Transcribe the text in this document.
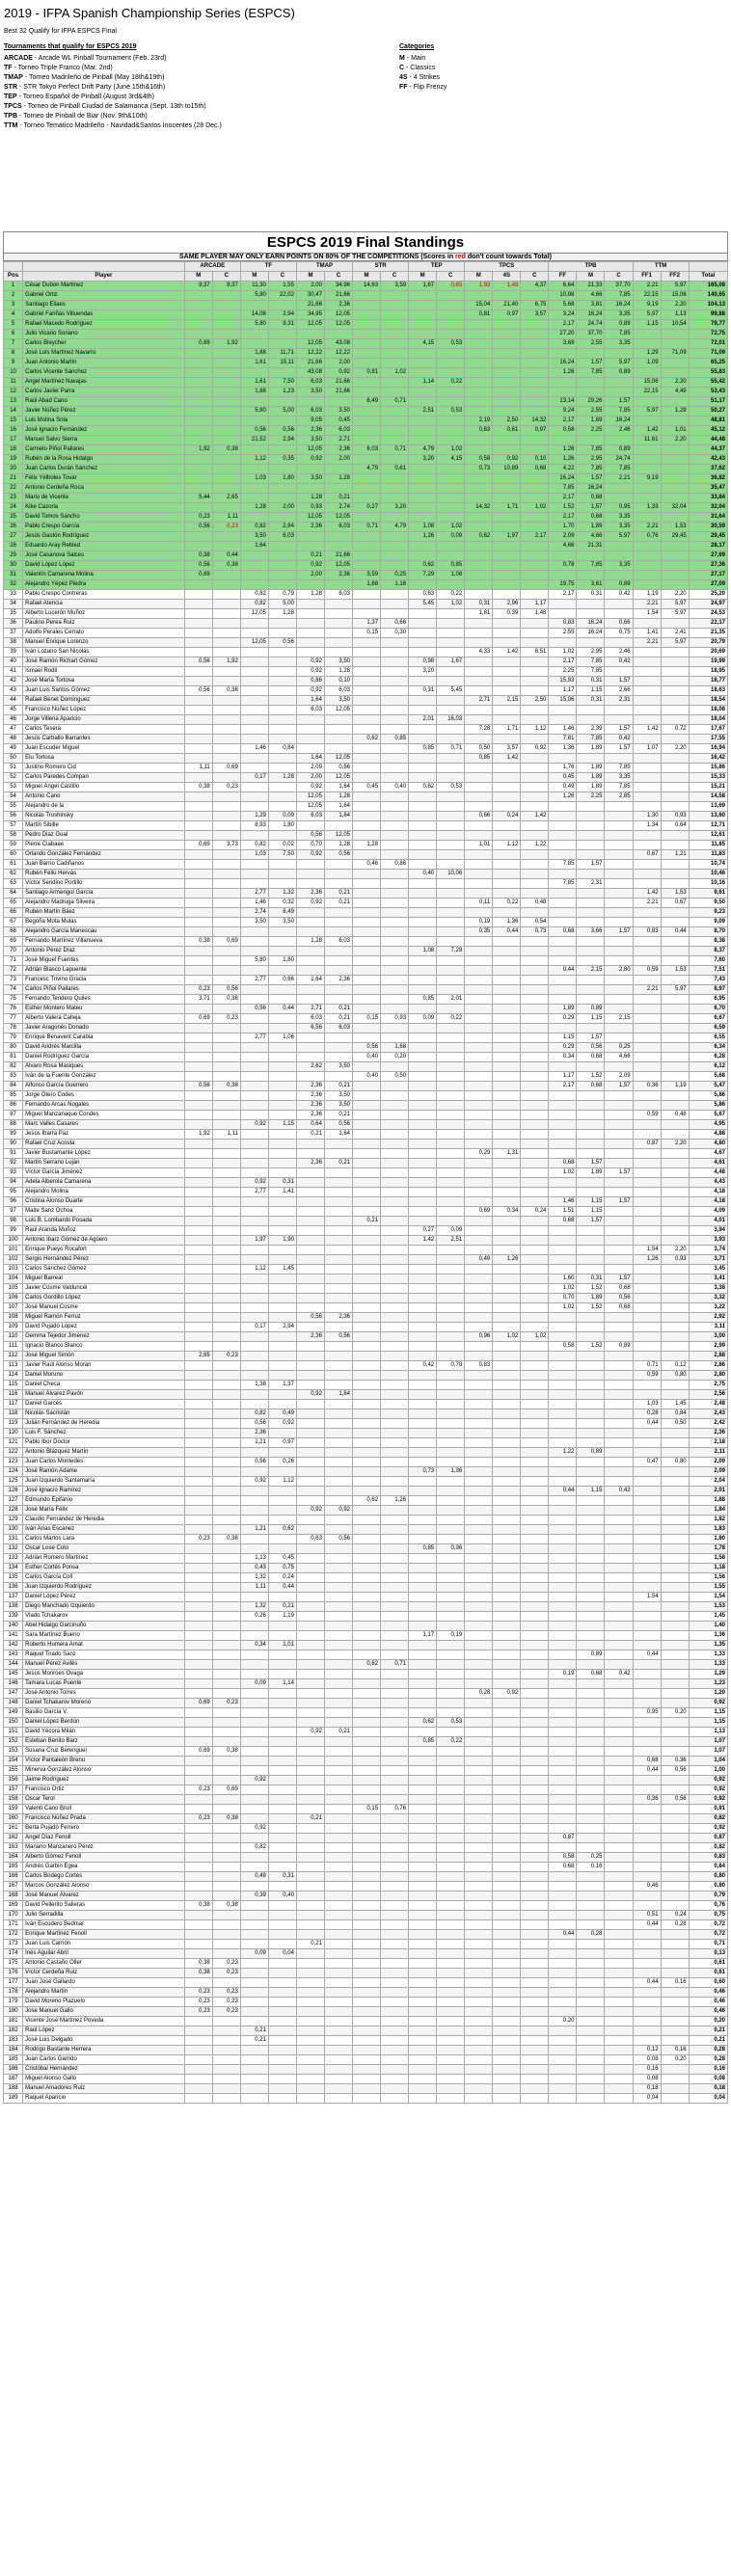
2019 - IFPA Spanish Championship Series (ESPCS)
Best 32 Qualify for IFPA ESPCS Final
Tournaments that qualify for ESPCS 2019
ARCADE - Arcade WL Pinball Tournament (Feb. 23rd)
TF - Torneo Triple Franco (Mar. 2nd)
TMAP - Torneo Madrileño de Pinball (May 18th&19th)
STR - STR Tokyo Perfect Drift Party (June 15th&16th)
TEP - Torneo Español de Pinball (August 3rd&4th)
TPCS - Torneo de Pinball Ciudad de Salamanca (Sept. 13th to15th)
TPB - Torneo de Pinball de Biar (Nov. 9th&10th)
TTM - Torneo Temático Madrileño - Navidad&Santos Inocentes (28 Dec.)
Categories
M - Main
C - Classics
4S - 4 Strikes
FF - Flip Frenzy
ESPCS 2019 Final Standings
SAME PLAYER MAY ONLY EARN POINTS ON 80% OF THE COMPETITIONS (Scores in red don't count towards Total)
		ARCADE		TF		TMAP		STR		TEP		TPCS			TPB			TTM		
Pos	Player	M	C	M	C	M	C	M	C	M	C	M	4S	C	FF	M	C	FF1	FF2	Total
1	César Dubon Martínez	9,37	9,37	11,30	1,55	2,00	34,96	14,63	3,59	1,67	0,85	1,93	1,48	4,37	6,64	21,33	37,70	2,21	5,97	165,08
2	Gabriel Ortiz			5,80	22,02	30,47	21,66								10,98	4,66	7,85	22,15	15,06	140,65
3	Santiago Eliaes					21,66	2,36					15,04	21,40	6,75	5,68	3,81	16,24	9,19	2,20	104,13
4	Gabriel Fariñas Villuendas			14,08	2,94	34,95	12,05					0,81	0,97	3,57	3,24	16,24	3,35	5,97	1,13	99,88
5	Rafael Macedo Rodríguez			5,80	9,31	12,05	12,05								2,17	24,74	0,89	1,15	10,54	79,77
6	Julio Vicario Soriano														27,20	37,70	7,85			72,75
7	Carlos Bleycher	0,69	1,92			12,05	43,08			4,15	0,53				3,69	2,55	3,35			72,01
8	José Luis Martínez Navarro			1,88	11,71	12,22	12,22											1,29	71,09	71,09
9	Juan Antonio Martín			1,61	15,11	21,66	2,00								16,24	1,57	5,97	1,09		65,25
10	Carlos Vicente Sánchez					43,08	0,92	0,81	1,02						1,26	7,85	0,89			55,83
11	Ángel Martínez Navajas			1,61	7,50	6,03	21,66			1,14	0,22							15,06	2,20	55,42
12	Carlos Javier Parra			1,88	1,23	3,50	21,66											22,15	4,49	53,43
13	Raúl Abad Cano							6,49	0,71						13,14	29,26	1,57			51,17
14	Javier Núñez Pérez			5,80	5,00	6,03	3,50			2,51	0,53				9,24	2,55	7,85	5,97	1,29	50,27
15	Luis Molina Sola					9,05	0,45					2,19	2,50	14,32	2,17	1,89	16,24			48,81
16	José Ignacio Fernández			0,56	0,56	2,36	6,03					0,63	0,61	0,97	0,58	2,25	2,46	1,42	1,01	45,12
17	Manuel Salvo Sierra			21,52	2,94	3,50	2,71											11,61	2,20	44,48
18	Carmelo Piñol Pallares	1,92	0,38			12,05	2,36	6,03	0,71	4,79	1,02				1,26	7,85	0,89			44,37
19	Rubén de la Rosa Hidalgo			1,12	0,35	0,92	2,00			3,20	4,15	0,58	0,92	0,10	1,26	2,95	24,74			42,43
20	Juan Carlos Durán Sánchez							4,79	0,61			0,73	10,89	0,68	4,22	7,85	7,85			37,62
21	Félix Yélboles Tovar			1,03	1,80	3,50	1,28								16,24	1,57	2,21	9,19		36,82
22	Antonio Cerdeña Roca														7,85	16,24				35,47
23	Mario de Vicente	5,44	2,65			1,28	0,21								2,17	0,68				33,84
24	Kike Cazorla			1,28	2,00	0,93	2,74	0,27	3,20			14,32	1,71	1,02	1,52	1,57	0,95	1,33	32,04	32,04
25	David Tomos Sancho	0,23	1,11			12,05	12,05								2,17	0,68	3,35			31,64
26	Pablo Crespo García	0,56	0,23	0,82	2,94	2,36	6,03	0,71	4,79	1,08	1,02				1,70	1,89	3,35	2,21	1,53	30,59
27	Jesús Gastón Rodríguez			3,50	6,03					1,26	0,09	0,62	1,97	2,17	2,09	4,66	5,97	0,76	29,45	29,45
28	Eduardo Aray Rebled			1,64											4,66	21,31				28,17
29	José Casanova Salces	0,38	0,44			0,21	21,66													27,69
30	David López López	0,56	0,38			0,92	12,05			0,62	0,85				0,78	7,85	3,35			27,36
31	Valentín Camarena Molina	0,69				2,00	2,36	3,59	0,25	7,29	1,08									27,17
32	Alejandro Yépez Piedra							1,68	1,16						19,75	3,61	0,89			27,09
33	Pablo Crespo Contreras			0,82	0,79	1,28	6,03			0,63	0,22				2,17	0,31	0,42	1,19	2,20	25,20
34	Rafael Atencia			0,82	5,00					5,45	1,02	0,31	2,96	1,17				2,21	5,97	24,97
35	Alberto Lucerón Muñoz			12,05	1,28							1,81	0,39	1,48				1,54	5,97	24,53
36	Paulino Perea Ruiz							1,37	0,66						0,83	16,24	0,66			22,17
37	Adolfo Perales Cerrato							0,15	0,30						2,55	16,24	0,75	1,41	2,41	21,35
38	Manuel Enrique Lorenzo			12,05	0,56													2,21	5,97	20,79
39	Iván Lozano San Nicolás											4,33	1,42	8,51	1,02	2,95	2,46			20,69
40	José Ramón Richart Gómez	0,56	1,92			0,92	3,50			0,98	1,67				2,17	7,85	0,42			19,99
41	Ismael Rodil					0,92	1,28			3,20					2,25	7,85				18,95
42	José María Tortosa					0,86	0,10								15,93	0,31	1,57			18,77
43	Juan Luis Santos Gómez	0,56	0,38			0,92	6,03			0,31	5,45				1,17	1,15	2,66			18,63
44	Rafael Benet Domínguez					1,64	3,50					2,71	2,15	2,50	15,06	0,31	2,31			18,54
45	Francisco Núñez López					6,03	12,05													18,08
46	Jorge Villena Aparicio									2,01	16,03									18,04
47	Carlos Tesera											7,28	1,71	1,12	1,46	2,39	1,57	1,42	0,72	17,67
48	Jesús Carballo Barrantes							0,62	0,85						7,81	7,85	0,42			17,55
49	Juan Escuder Miguel			1,46	0,84					0,85	0,71	0,50	3,57	0,92	1,36	1,89	1,57	1,07	2,20	16,94
50	Elu Tortosa					1,64	12,05					0,85	1,42							16,42
51	Justino Romero Cid	1,11	0,69			2,09	0,56								1,76	1,89	7,85			15,86
52	Carlos Paredes Compan			0,17	1,28	2,00	12,05								0,45	1,89	3,35			15,33
53	Miguel Ángel Castillo	0,38	0,23			0,92	1,64	0,45	0,40	0,62	0,53				0,49	1,89	7,85			15,21
54	Antonio Cano					12,05	1,28								1,26	2,25	2,85			14,58
55	Alejandro de la					12,05	1,64													13,69
56	Nicolás Troshinsky			1,29	0,09	6,03	1,64					0,66	0,24	1,42				1,30	0,93	13,60
57	Martín Sibille			8,93	1,80													1,34	0,64	12,71
58	Pedro Diaz Gual					0,56	12,05													12,61
59	Pierre Ciabaee	0,69	3,73	0,82	0,02	0,70	1,28	1,28				1,01	1,12	1,22						11,85
60	Orlando González Fernández			1,03	7,50	0,92	0,56											0,67	1,21	11,83
61	Juan Barrio Cadiñanos							0,46	0,86						7,85	1,57				10,74
62	Rubén Feliú Hervás									0,40	10,06									10,46
63	Víctor Sendino Portillo														7,85	2,31				10,16
64	Santiago Armengol García			2,77	1,32	2,36	0,21											1,42	1,53	9,61
65	Alejandro Madruga Silveira			1,46	0,32	0,92	0,21					0,11	0,22	0,48				2,21	0,67	9,50
66	Rubén Martín Báez			2,74	6,49															9,23
67	Begoña Mota Mulas			3,50	3,50							0,19	1,36	0,54						9,09
68	Alejandro García Manescau											0,35	0,44	0,73	0,68	3,66	1,57	0,83	0,44	8,70
69	Fernando Martínez Villanueva	0,38	0,69			1,28	6,03													8,38
70	Antonio Pérez Díaz									1,08	7,29									8,37
71	José Miguel Fuentes			5,80	1,80															7,60
72	Adrián Blasco Lapuente														0,44	2,15	2,80	0,59	1,53	7,51
73	Francesc Trivino Gracia			2,77	0,66	1,64	2,36													7,43
74	Carlos Piñol Pallares	0,23	0,56															2,21	5,97	8,97
75	Fernando Tendero Quiles	3,71	0,38							0,85	2,01									6,95
76	Esther Montero Mateu			0,56	0,44	2,71	0,21								1,89	0,89				6,70
77	Alberto Valera Calleja	0,69	0,23			6,03	0,21	0,15	0,93	0,09	0,22				0,29	1,15	2,15			6,67
78	Javier Aragonés Donado					6,56	6,03													6,59
79	Enrique Benavent Carabia			2,77	1,06										1,15	1,57				6,55
80	David Andrés Marcilla							0,56	1,68						0,29	0,56	0,25			6,34
81	Daniel Rodríguez García							0,40	0,20						0,34	0,68	4,66			6,28
82	Álvaro Rosa Masiques					2,62	3,50													6,12
83	Iván de la Fuente González							0,40	0,50						1,17	1,52	2,09			5,68
84	Alfonso García Guerrero	0,56	0,38			2,36	0,21								2,17	0,68	1,57	0,36	1,19	5,47
85	Jorge Otero Codes					2,36	3,50													5,86
86	Fernando Arcas Nogales					2,36	3,50													5,86
87	Miguel Manzanaque Condes					2,36	0,21											0,59	0,48	5,67
88	Marc Valles Casares			0,92	1,15	0,64	0,56													4,95
89	Jesús Ibarra Paz	1,92	1,11			0,21	1,64													4,88
90	Rafael Cruz Acosta																	0,87	2,20	4,80
91	Javier Bustamante López											0,29	1,31							4,67
92	Martín Serrano Luján					2,36	0,21								0,68	1,57				4,61
93	Víctor García Jiménez														1,02	1,89	1,57			4,48
94	Adela Alberola Camarena			0,92	0,31															4,43
95	Alejandro Molina			2,77	1,41															4,18
96	Cristina Alonso Duarte														1,46	1,15	1,57			4,18
97	Maite Sanz Ochoa											0,69	0,34	0,24	1,51	1,15				4,09
98	Luis B. Lombardo Posada							0,21							0,68	1,57				4,01
99	Raúl Aranda Muñoz									0,27	0,09									3,94
100	Antonio Ibarz Gómez de Agüero			1,97	1,90					1,42	2,51									3,93
101	Enrique Pueyo Rocafort																	1,54	2,20	3,74
102	Sergio Hernández Pérez											0,49	1,26					1,26	0,93	3,71
103	Carlos Sánchez Gómez			1,12	1,45															3,45
104	Miguel Barreal														1,60	0,31	1,57			3,41
105	Javier Cosme Valduncel														1,02	1,52	0,68			3,38
106	Carlos Gordillo López														0,70	1,89	0,56			3,32
107	José Manuel Cosme														1,02	1,52	0,68			3,22
108	Miguel Ramón Ferruz					0,56	2,36													2,92
109	David Pujadó López			0,17	2,94															3,11
110	Gemma Tejedor Jiménez					2,36	0,56					0,96	1,02	1,02						3,00
111	Ignacio Blanco Blanco														0,58	1,52	0,89			2,99
112	José Miguel Simón	2,65	0,23																	2,88
113	Javier Raúl Alonso Morán									0,42	0,78	0,83						0,71	0,12	2,86
114	Daniel Moruno																	0,59	0,80	2,80
115	Daniel Checa			1,38	1,37															2,75
116	Manuel Álvarez Pavón					0,92	1,64													2,56
117	Daniel Garcés																	1,03	1,45	2,48
118	Nicolás Sacristán			0,82	0,49													0,28	0,84	2,43
119	Julián Fernández de Heredia			0,56	0,92													0,44	0,50	2,42
120	Luis F. Sánchez			2,36																2,36
121	Pablo Ibor Doctor			1,21	0,97															2,18
122	Antonio Blázquez Martín														1,22	0,89				2,11
123	Juan Carlos Montedes			0,56	0,26													0,47	0,80	2,09
124	José Ramón Adame									0,73	1,36									2,09
125	Juan Izquierdo Santamaría			0,92	1,12															2,04
126	José Ignacio Ramírez														0,44	1,15	0,42			2,01
127	Edmundo Epifanio							0,62	1,26											1,88
128	José María Félix					0,92	0,92													1,84
129	Claudio Fernández de Heredia																			1,82
130	Iván Arias Escanez			1,21	0,62															1,83
131	Carlos Martos Lara	0,23	0,38			0,63	0,56													1,80
132	Óscar Lose Coto									0,85	0,36									1,78
133	Adrián Romero Martínez			1,13	0,45															1,58
134	Esther Cortés Ponsa			0,43	0,75															1,18
135	Carlos García Coll			1,32	0,24															1,56
136	Juan Izquierdo Rodríguez			1,11	0,44															1,55
137	Daniel López Pérez																	1,54		1,54
138	Diego Manchado Izquierdo			1,32	0,21															1,53
139	Vlado Tchakarov			0,26	1,19															1,45
140	Abel Hidalgo Garcinuño																			1,40
141	Sara Martínez Bueno									1,17	0,19									1,36
142	Roberto Humera Amat			0,34	1,01															1,35
143	Raquel Tirado Sanz															0,89		0,44		1,33
144	Manuel Pérez Avilés							0,62	0,71											1,33
145	Jesús Monroes Ovaga														0,19	0,68	0,42			1,29
146	Tamara Lucas Puente			0,09	1,14															1,23
147	José Antonio Torres											0,28	0,92							1,20
148	Daniel Tchakarov Moreno	0,69	0,23																	0,92
149	Basilio García V.																	0,95	0,20	1,15
150	Daniel López Berdún									0,62	0,53									1,15
151	David Yécora Milán					0,92	0,21													1,13
152	Esteban Benito Barz									0,85	0,22									1,07
153	Susana Cruz Berenguel	0,69	0,38																	1,07
154	Víctor Pantaleón Brenu																	0,68	0,36	1,04
155	Minerva González Alonso																	0,44	0,56	1,00
156	Jaime Rodríguez			0,92																0,92
157	Francisco Ortiz	0,23	0,69																	0,92
158	Óscar Terol																	0,36	0,56	0,92
159	Valentí Cano Brull							0,15	0,76											0,91
160	Francisco Núñez Prada	0,23	0,38			0,21														0,82
161	Berta Pujadó Ferrero			0,92																0,92
162	Ángel Díaz Fenoll														0,87					0,87
163	Mariano Manzanero Pérez			0,82																0,82
164	Alberto Gómez Fenoll														0,58	0,25				0,83
165	Andrés Garbin Egea														0,68	0,16				0,84
166	Carlos Bodego Cortés			0,49	0,31															0,80
167	Marcos González Alonso																	0,46		0,80
168	José Manuel Álvarez			0,39	0,40															0,79
169	David Pellerito Salieras	0,38	0,38																	0,76
170	Julio Serradilla																	0,51	0,24	0,75
171	Iván Escudero Bedmar																	0,44	0,28	0,72
172	Enrique Martínez Fenoll														0,44	0,28				0,72
173	Juan Luis Carrión					0,21														0,71
174	Inés Aguilar Abril			0,09	0,04															0,13
175	Antonio Castaño Oller	0,38	0,23																	0,61
176	Víctor Cerdeña Ruiz	0,38	0,23																	0,61
177	Juan José Gallardo																	0,44	0,16	0,60
178	Alejandro Martín	0,23	0,23																	0,46
179	David Moreno Plazuelo	0,23	0,23																	0,46
180	Jose Manuel Gallo	0,23	0,23																	0,46
181	Vicente José Martínez Poveda														0,20					0,20
182	Raúl López			0,21																0,21
183	José Luis Delgado			0,21																0,21
184	Rodrigo Bastante Herrera																	0,12	0,16	0,28
185	Juan Carlos Garrido																	0,08	0,20	0,28
186	Cristóbal Hernández																	0,16		0,16
187	Miguel Alonso Gallo																	0,08		0,08
188	Manuel Amadores Ruiz																	0,18		0,18
189	Raquel Aparicio																	0,04		0,04
